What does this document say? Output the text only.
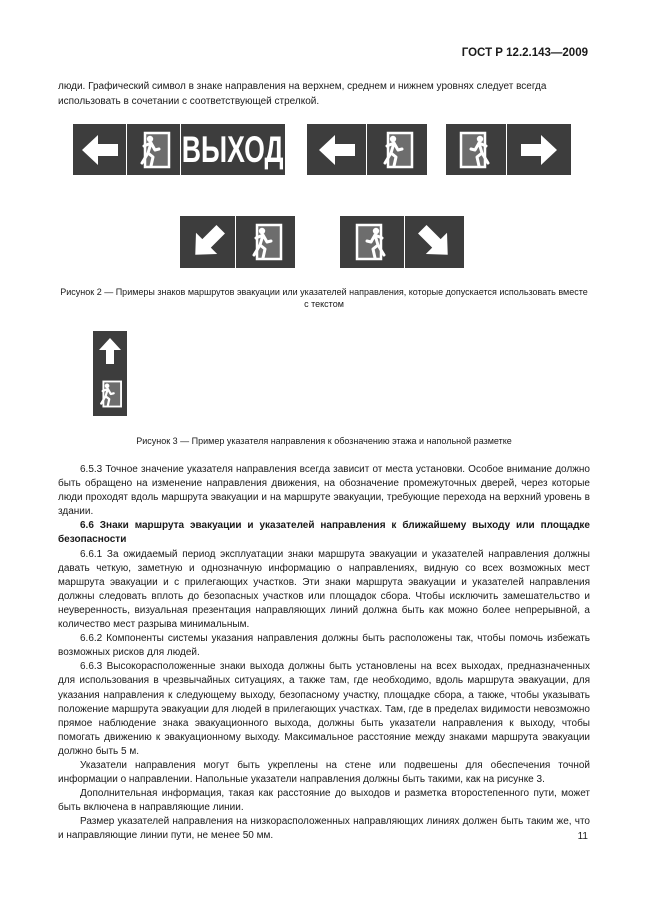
ГОСТ Р 12.2.143—2009
люди. Графический символ в знаке направления на верхнем, среднем и нижнем уровнях следует всегда использовать в сочетании с соответствующей стрелкой.
ВЫХОД
Рисунок 2 — Примеры знаков маршрутов эвакуации или указателей направления, которые допускается использовать вместе с текстом
Рисунок 3 — Пример указателя направления к обозначению этажа и напольной разметке

6.5.3 Точное значение указателя направления всегда зависит от места установки. Особое внимание должно быть обращено на изменение направления движения, на обозначение промежуточных дверей, через которые люди проходят вдоль маршрута эвакуации и на маршруте эвакуации, требующие перехода на верхний уровень в здании.

6.6 Знаки маршрута эвакуации и указателей направления к ближайшему выходу или площадке безопасности

6.6.1 За ожидаемый период эксплуатации знаки маршрута эвакуации и указателей направления должны давать четкую, заметную и однозначную информацию о направлениях, видную со всех возможных мест маршрута эвакуации и с прилегающих участков. Эти знаки маршрута эвакуации и указателей направления должны следовать вплоть до безопасных участков или площадок сбора. Чтобы исключить замешательство и неуверенность, визуальная презентация направляющих линий должна быть как можно более непрерывной, а количество мест разрыва минимальным.

6.6.2 Компоненты системы указания направления должны быть расположены так, чтобы помочь избежать возможных рисков для людей.

6.6.3 Высокорасположенные знаки выхода должны быть установлены на всех выходах, предназначенных для использования в чрезвычайных ситуациях, а также там, где необходимо, вдоль маршрута эвакуации, для указания направления к следующему выходу, безопасному участку, площадке сбора, а также, чтобы указывать положение маршрута эвакуации для людей в прилегающих участках. Там, где в пределах видимости невозможно прямое наблюдение знака эвакуационного выхода, должны быть указатели направления к выходу, чтобы помогать движению к эвакуационному выходу. Максимальное расстояние между знаками маршрута эвакуации должно быть 5 м.

Указатели направления могут быть укреплены на стене или подвешены для обеспечения точной информации о направлении. Напольные указатели направления должны быть такими, как на рисунке 3.

Дополнительная информация, такая как расстояние до выходов и разметка второстепенного пути, может быть включена в направляющие линии.

Размер указателей направления на низкорасположенных направляющих линиях должен быть таким же, что и направляющие линии пути, не менее 50 мм.	11
